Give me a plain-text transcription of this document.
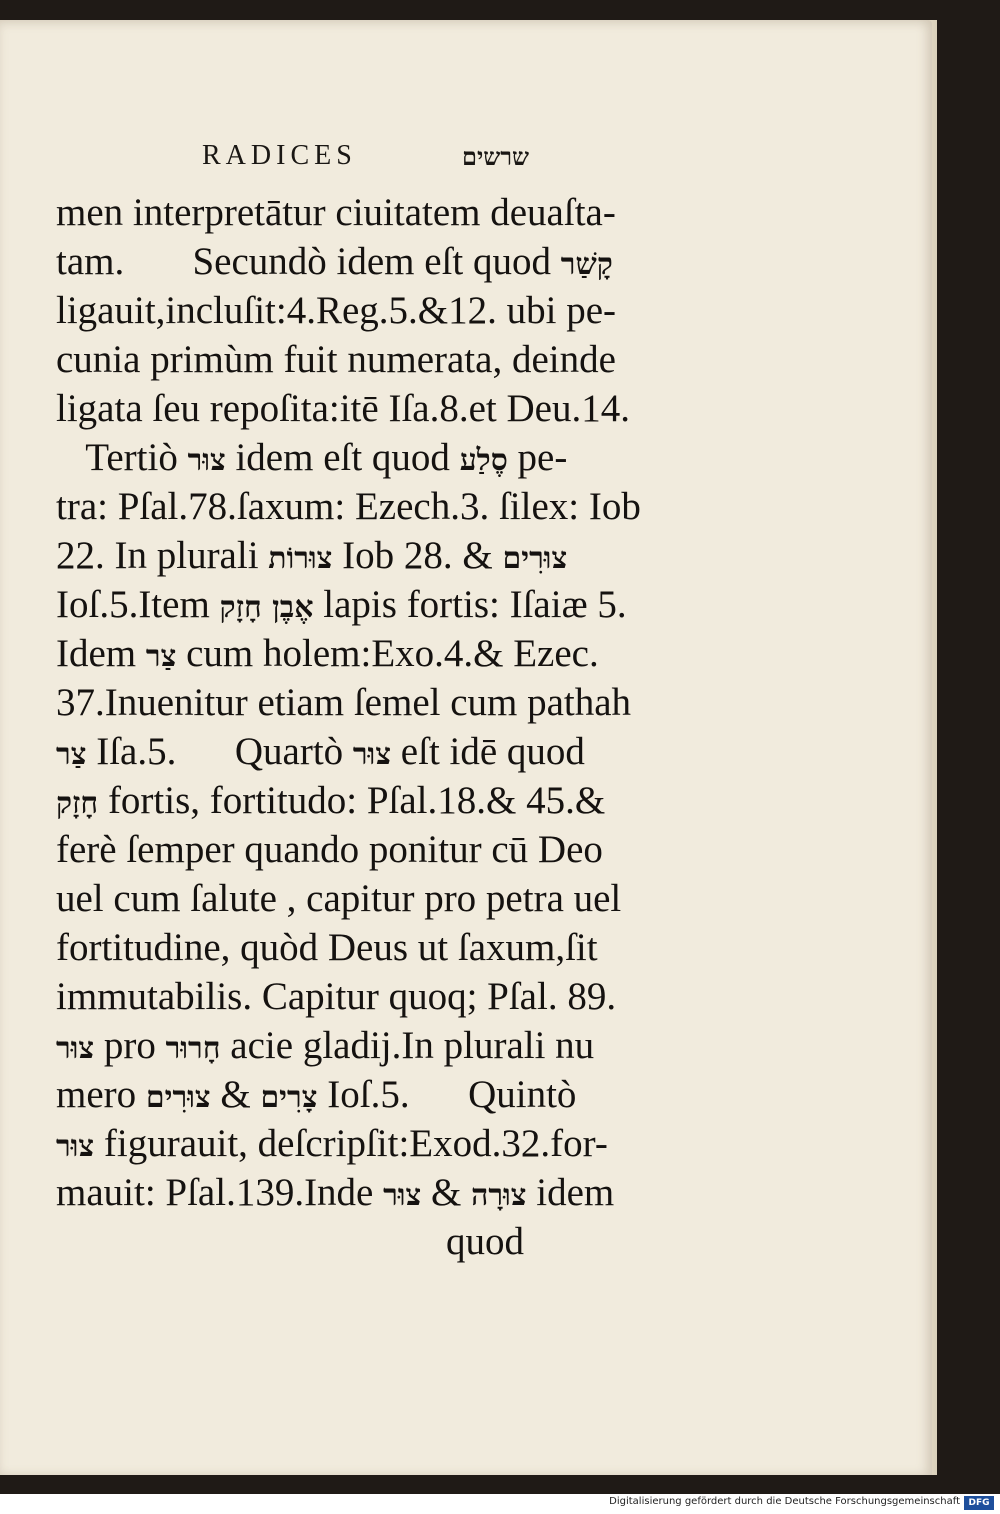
RADICES	שרשים
men interpretātur ciuitatem deuaſta-
tam.       Secundò idem eſt quod קָשַׁר
ligauit,incluſit:4.Reg.5.&12. ubi pe-
cunia primùm fuit numerata, deinde
ligata ſeu repoſita:itē Iſa.8.et Deu.14.
Tertiò צוּר idem eſt quod סֶלַע pe-
tra: Pſal.78.ſaxum: Ezech.3. ſilex: Iob
22. In plurali צוּרוֹת Iob 28. & צוּרִים
Ioſ.5.Item אֶבֶן חָזָק lapis fortis: Iſaiæ 5.
Idem צַר cum holem:Exo.4.& Ezec.
37.Inuenitur etiam ſemel cum pathah
צַר Iſa.5.      Quartò צוּר eſt idē quod
חָזָק fortis, fortitudo: Pſal.18.& 45.&
ferè ſemper quando ponitur cū Deo
uel cum ſalute , capitur pro petra uel
fortitudine, quòd Deus ut ſaxum,ſit
immutabilis. Capitur quoq; Pſal. 89.
צוּר pro חָרוּר acie gladij.In plurali nu
mero צוּרִים & צָרִים Ioſ.5.      Quintò
צוּר figurauit, deſcripſit:Exod.32.for-
mauit: Pſal.139.Inde צוּר & צוּרָה idem
quod
Digitalisierung gefördert durch die Deutsche Forschungsgemeinschaft DFG
